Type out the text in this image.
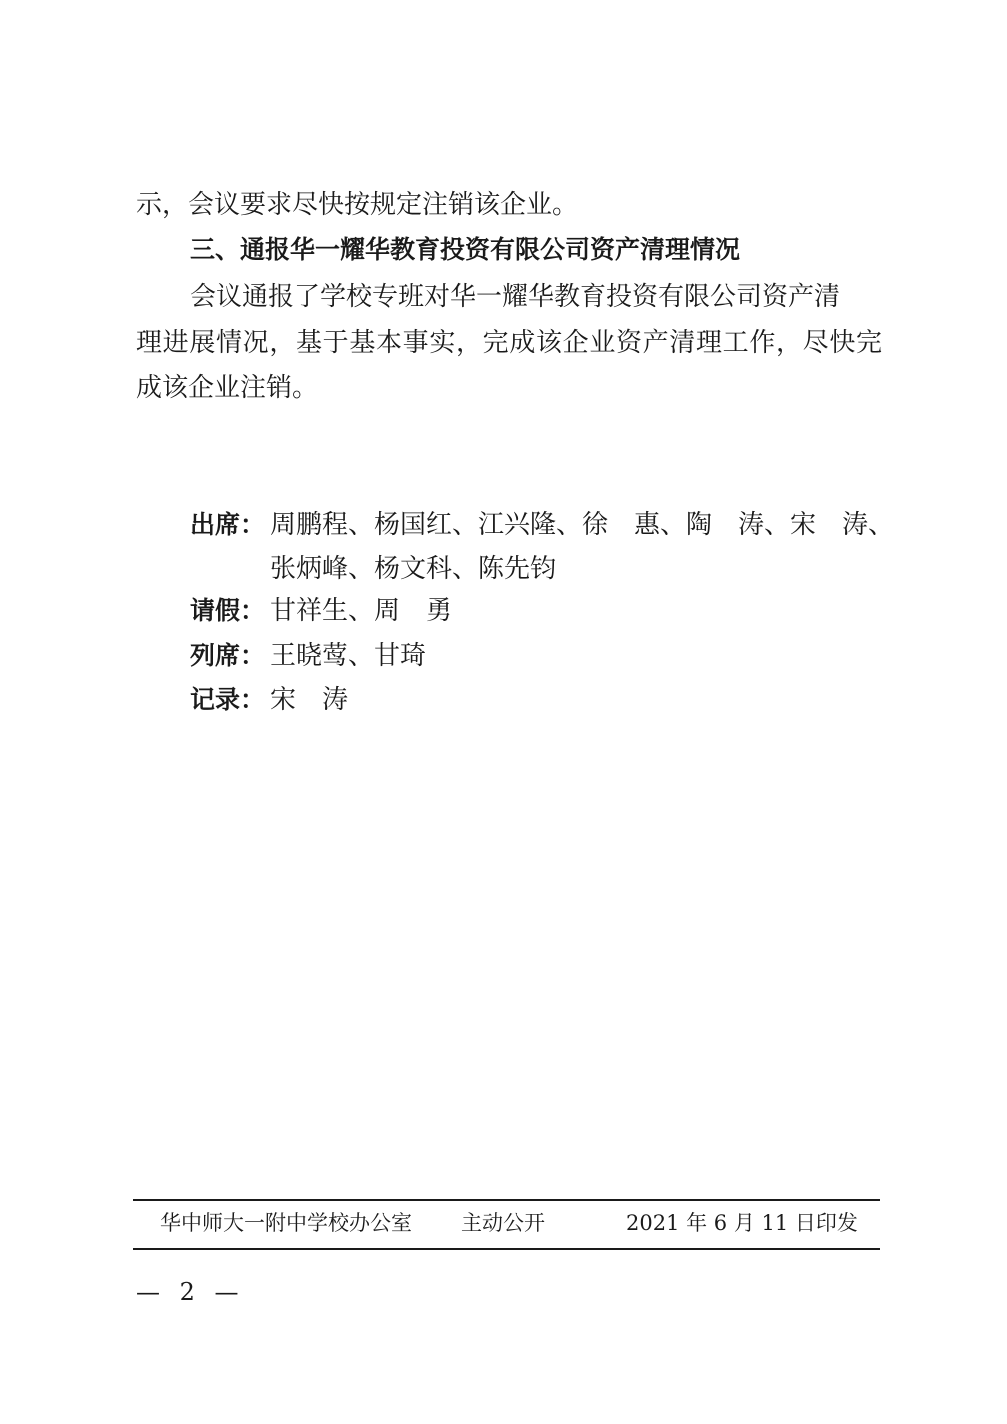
示，会议要求尽快按规定注销该企业。
三、通报华一耀华教育投资有限公司资产清理情况
会议通报了学校专班对华一耀华教育投资有限公司资产清
理进展情况，基于基本事实，完成该企业资产清理工作，尽快完
成该企业注销。
出席： 周鹏程、杨国红、江兴隆、徐　惠、陶　涛、宋　涛、
张炳峰、杨文科、陈先钧
请假： 甘祥生、周　勇
列席： 王晓莺、甘琦
记录： 宋　涛
华中师大一附中学校办公室 主动公开	2021 年 6 月 11 日印发
— 2 —
